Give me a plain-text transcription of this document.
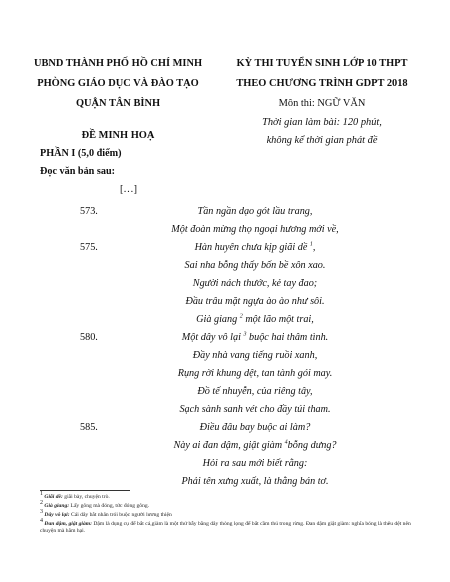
UBND THÀNH PHỐ HỒ CHÍ MINH
PHÒNG GIÁO DỤC VÀ ĐÀO TẠO
QUẬN TÂN BÌNH
ĐỀ MINH HOẠ
KỲ THI TUYỂN SINH LỚP 10 THPT
THEO CHƯƠNG TRÌNH GDPT 2018
Môn thi: NGỮ VĂN
Thời gian làm bài: 120 phút,
không kể thời gian phát đề
PHẦN I (5,0 điểm)
Đọc văn bản sau:
[…]
573.	Tần ngần dạo gót lầu trang,
Một đoàn mừng thọ ngoại hương mới về,
575.	Hàn huyên chưa kịp giãi dề $^1$,
Sai nha bỗng thấy bốn bề xôn xao.
Người nách thước, kẻ tay đao;
Đầu trâu mặt ngựa ào ào như sôi.
Già giang $^2$ một lão một trai,
580.	Một dây vô lại $^3$ buộc hai thâm tình.
Đầy nhà vang tiếng ruồi xanh,
Rụng rời khung dệt, tan tành gói may.
Đồ tế nhuyễn, của riêng tây,
Sạch sành sanh vét cho đầy túi tham.
585.	Điều đâu bay buộc ai làm?
Này ai đan dậm, giật giàm $^4$bỗng dưng?
Hỏi ra sau mới biết rằng:
Phải tên xưng xuất, là thằng bán tơ.
$^1$ Giãi dề: giãi bày, chuyện trò.
$^2$ Già giang: Lấy gông mà đóng, tức đóng gông.
$^3$ Dây vô lại: Cái dây bắt nhân trói buộc người lương thiện
$^4$ Đan dậm, giật giàm: Dậm là dụng cụ để bắt cá,giàm là một thứ bẫy bằng dây thòng lọng để bắt cầm thú trong rừng. Đan dậm giật giàm: nghĩa bóng là thêu dệt nên chuyện mà hãm hại.
